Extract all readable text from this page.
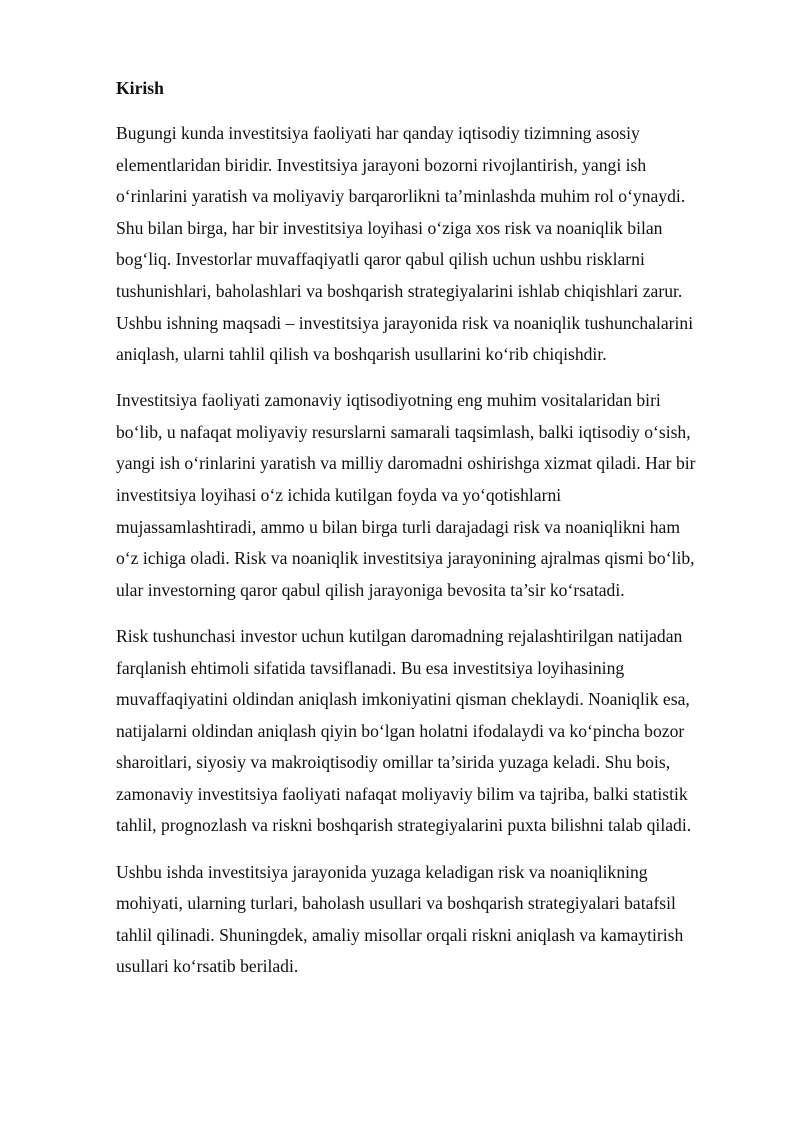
Kirish
Bugungi kunda investitsiya faoliyati har qanday iqtisodiy tizimning asosiy
elementlaridan biridir. Investitsiya jarayoni bozorni rivojlantirish, yangi ish
o‘rinlarini yaratish va moliyaviy barqarorlikni ta’minlashda muhim rol o‘ynaydi.
Shu bilan birga, har bir investitsiya loyihasi o‘ziga xos risk va noaniqlik bilan
bog‘liq. Investorlar muvaffaqiyatli qaror qabul qilish uchun ushbu risklarni
tushunishlari, baholashlari va boshqarish strategiyalarini ishlab chiqishlari zarur.
Ushbu ishning maqsadi – investitsiya jarayonida risk va noaniqlik tushunchalarini
aniqlash, ularni tahlil qilish va boshqarish usullarini ko‘rib chiqishdir.
Investitsiya faoliyati zamonaviy iqtisodiyotning eng muhim vositalaridan biri
bo‘lib, u nafaqat moliyaviy resurslarni samarali taqsimlash, balki iqtisodiy o‘sish,
yangi ish o‘rinlarini yaratish va milliy daromadni oshirishga xizmat qiladi. Har bir
investitsiya loyihasi o‘z ichida kutilgan foyda va yo‘qotishlarni
mujassamlashtiradi, ammo u bilan birga turli darajadagi risk va noaniqlikni ham
o‘z ichiga oladi. Risk va noaniqlik investitsiya jarayonining ajralmas qismi bo‘lib,
ular investorning qaror qabul qilish jarayoniga bevosita ta’sir ko‘rsatadi.
Risk tushunchasi investor uchun kutilgan daromadning rejalashtirilgan natijadan
farqlanish ehtimoli sifatida tavsiflanadi. Bu esa investitsiya loyihasining
muvaffaqiyatini oldindan aniqlash imkoniyatini qisman cheklaydi. Noaniqlik esa,
natijalarni oldindan aniqlash qiyin bo‘lgan holatni ifodalaydi va ko‘pincha bozor
sharoitlari, siyosiy va makroiqtisodiy omillar ta’sirida yuzaga keladi. Shu bois,
zamonaviy investitsiya faoliyati nafaqat moliyaviy bilim va tajriba, balki statistik
tahlil, prognozlash va riskni boshqarish strategiyalarini puxta bilishni talab qiladi.
Ushbu ishda investitsiya jarayonida yuzaga keladigan risk va noaniqlikning
mohiyati, ularning turlari, baholash usullari va boshqarish strategiyalari batafsil
tahlil qilinadi. Shuningdek, amaliy misollar orqali riskni aniqlash va kamaytirish
usullari ko‘rsatib beriladi.
